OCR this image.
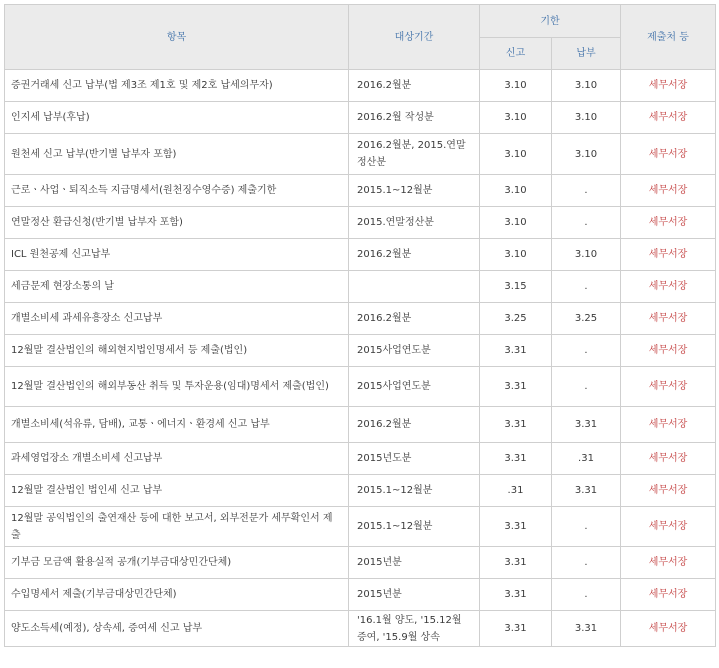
항목	대상기간	기한		제출처 등
		신고	납부	
증권거래세 신고 납부(법 제3조 제1호 및 제2호 납세의무자)	2016.2월분	3.10	3.10	세무서장
인지세 납부(후납)	2016.2월 작성분	3.10	3.10	세무서장
원천세 신고 납부(반기별 납부자 포함)	2016.2월분, 2015.연말정산분	3.10	3.10	세무서장
근로ㆍ사업ㆍ퇴직소득 지급명세서(원천징수영수증) 제출기한	2015.1~12월분	3.10	.	세무서장
연말정산 환급신청(반기별 납부자 포함)	2015.연말정산분	3.10	.	세무서장
ICL 원천공제 신고납부	2016.2월분	3.10	3.10	세무서장
세금문제 현장소통의 날		3.15	.	세무서장
개별소비세 과세유흥장소 신고납부	2016.2월분	3.25	3.25	세무서장
12월말 결산법인의 해외현지법인명세서 등 제출(법인)	2015사업연도분	3.31	.	세무서장
12월말 결산법인의 해외부동산 취득 및 투자운용(임대)명세서 제출(법인)	2015사업연도분	3.31	.	세무서장
개별소비세(석유류, 담배), 교통ㆍ에너지ㆍ환경세 신고 납부	2016.2월분	3.31	3.31	세무서장
과세영업장소 개별소비세 신고납부	2015년도분	3.31	.31	세무서장
12월말 결산법인 법인세 신고 납부	2015.1~12월분	.31	3.31	세무서장
12월말 공익법인의 출연재산 등에 대한 보고서, 외부전문가 세무확인서 제출	2015.1~12월분	3.31	.	세무서장
기부금 모금액 활용실적 공개(기부금대상민간단체)	2015년분	3.31	.	세무서장
수입명세서 제출(기부금대상민간단체)	2015년분	3.31	.	세무서장
양도소득세(예정), 상속세, 증여세 신고 납부	'16.1월 양도, '15.12월 증여, '15.9월 상속	3.31	3.31	세무서장
